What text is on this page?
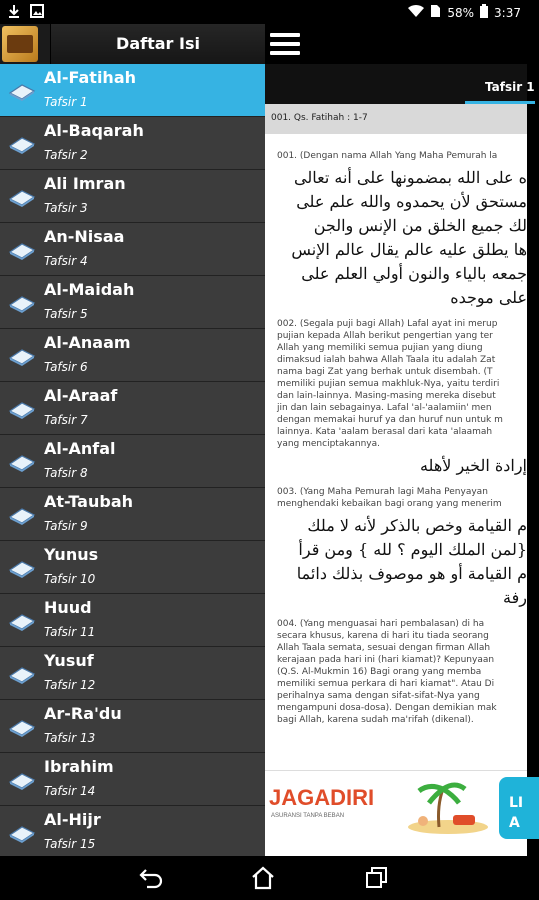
58% 3:37
Tafsir 1
001. Qs. Fatihah : 1-7

001. (Dengan nama Allah Yang Maha Pemurah la

ه على الله بمضمونها على أنه تعالى
مستحق لأن يحمدوه والله علم على
لك جميع الخلق من الإنس والجن
ها يطلق عليه عالم يقال عالم الإنس
جمعه بالياء والنون أولي العلم على
على موجده

002. (Segala puji bagi Allah) Lafal ayat ini merup
pujian kepada Allah berikut pengertian yang ter
Allah yang memiliki semua pujian yang diung
dimaksud ialah bahwa Allah Taala itu adalah Zat
nama bagi Zat yang berhak untuk disembah. (T
memiliki pujian semua makhluk-Nya, yaitu terdiri
dan lain-lainnya. Masing-masing mereka disebut
jin dan lain sebagainya. Lafal 'al-'aalamiin' men
dengan memakai huruf ya dan huruf nun untuk m
lainnya. Kata 'aalam berasal dari kata 'alaamah
yang menciptakannya.

إرادة الخير لأهله

003. (Yang Maha Pemurah lagi Maha Penyayan
menghendaki kebaikan bagi orang yang menerim

م القيامة وخص بالذكر لأنه لا ملك
{لمن الملك اليوم ؟ لله } ومن قرأ
م القيامة أو هو موصوف بذلك دائما
رفة

004. (Yang menguasai hari pembalasan) di ha
secara khusus, karena di hari itu tiada seorang
Allah Taala semata, sesuai dengan firman Allah
kerajaan pada hari ini (hari kiamat)? Kepunyaan
(Q.S. Al-Mukmin 16) Bagi orang yang memba
memiliki semua perkara di hari kiamat". Atau Di
perihalnya sama dengan sifat-sifat-Nya yang
mengampuni dosa-dosa). Dengan demikian mak
bagi Allah, karena sudah ma'rifah (dikenal).

JAGADIRI
ASURANSI TANPA BEBAN
LI
A
Daftar Isi
Al-Fatihah
Tafsir 1
Al-Baqarah
Tafsir 2
Ali Imran
Tafsir 3
An-Nisaa
Tafsir 4
Al-Maidah
Tafsir 5
Al-Anaam
Tafsir 6
Al-Araaf
Tafsir 7
Al-Anfal
Tafsir 8
At-Taubah
Tafsir 9
Yunus
Tafsir 10
Huud
Tafsir 11
Yusuf
Tafsir 12
Ar-Ra'du
Tafsir 13
Ibrahim
Tafsir 14
Al-Hijr
Tafsir 15
